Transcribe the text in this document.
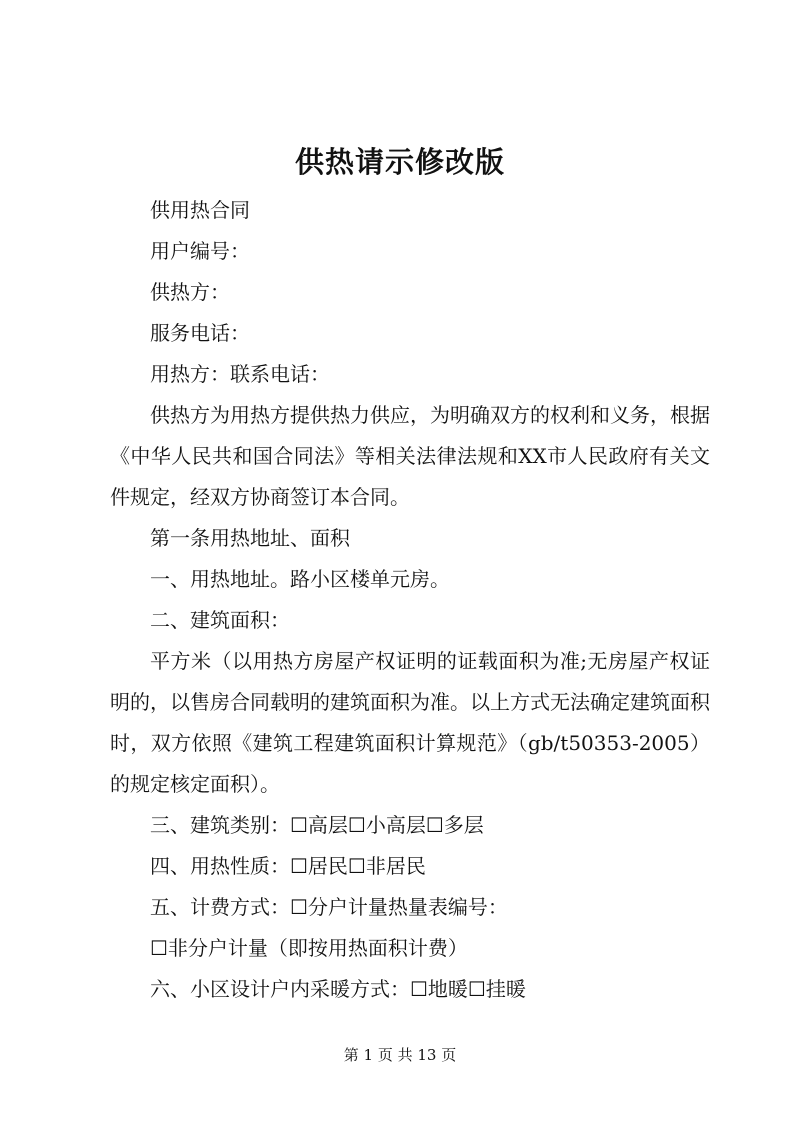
供热请示修改版
供用热合同
用户编号：
供热方：
服务电话：
用热方：联系电话：

供热方为用热方提供热力供应，为明确双方的权利和义务，根据《中华人民共和国合同法》等相关法律法规和XX市人民政府有关文件规定，经双方协商签订本合同。

第一条用热地址、面积
一、用热地址。路小区楼单元房。
二、建筑面积：

平方米（以用热方房屋产权证明的证载面积为准;无房屋产权证明的，以售房合同载明的建筑面积为准。以上方式无法确定建筑面积时，双方依照《建筑工程建筑面积计算规范》（gb/t50353-2005）的规定核定面积）。

三、建筑类别：☐高层☐小高层☐多层
四、用热性质：☐居民☐非居民
五、计费方式：☐分户计量热量表编号：
☐非分户计量（即按用热面积计费）
六、小区设计户内采暖方式：☐地暖☐挂暖
第 1 页 共 13 页
